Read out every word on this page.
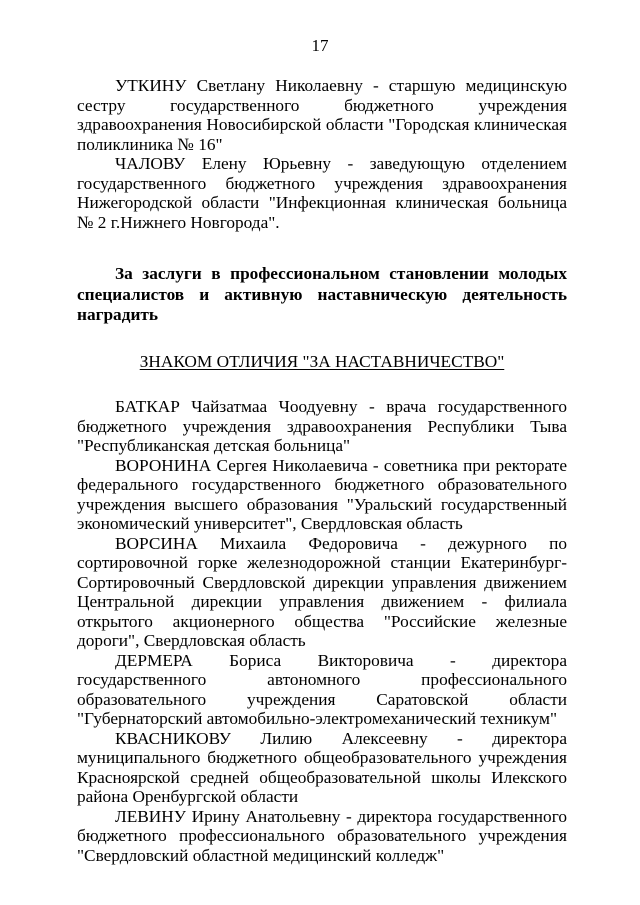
17

УТКИНУ Светлану Николаевну - старшую медицинскую сестру государственного бюджетного учреждения здравоохранения Новосибирской области "Городская клиническая поликлиника № 16"

ЧАЛОВУ Елену Юрьевну - заведующую отделением государственного бюджетного учреждения здравоохранения Нижегородской области "Инфекционная клиническая больница № 2 г.Нижнего Новгорода".

За заслуги в профессиональном становлении молодых специалистов и активную наставническую деятельность наградить

ЗНАКОМ ОТЛИЧИЯ "ЗА НАСТАВНИЧЕСТВО"

БАТКАР Чайзатмаа Чоодуевну - врача государственного бюджетного учреждения здравоохранения Республики Тыва "Республиканская детская больница"

ВОРОНИНА Сергея Николаевича - советника при ректорате федерального государственного бюджетного образовательного учреждения высшего образования "Уральский государственный экономический университет", Свердловская область

ВОРСИНА Михаила Федоровича - дежурного по сортировочной горке железнодорожной станции Екатеринбург-Сортировочный Свердловской дирекции управления движением Центральной дирекции управления движением - филиала открытого акционерного общества "Российские железные дороги", Свердловская область

ДЕРМЕРА Бориса Викторовича - директора государственного автономного профессионального образовательного учреждения Саратовской области "Губернаторский автомобильно-электромеханический техникум"

КВАСНИКОВУ Лилию Алексеевну - директора муниципального бюджетного общеобразовательного учреждения Красноярской средней общеобразовательной школы Илекского района Оренбургской области

ЛЕВИНУ Ирину Анатольевну - директора государственного бюджетного профессионального образовательного учреждения "Свердловский областной медицинский колледж"
